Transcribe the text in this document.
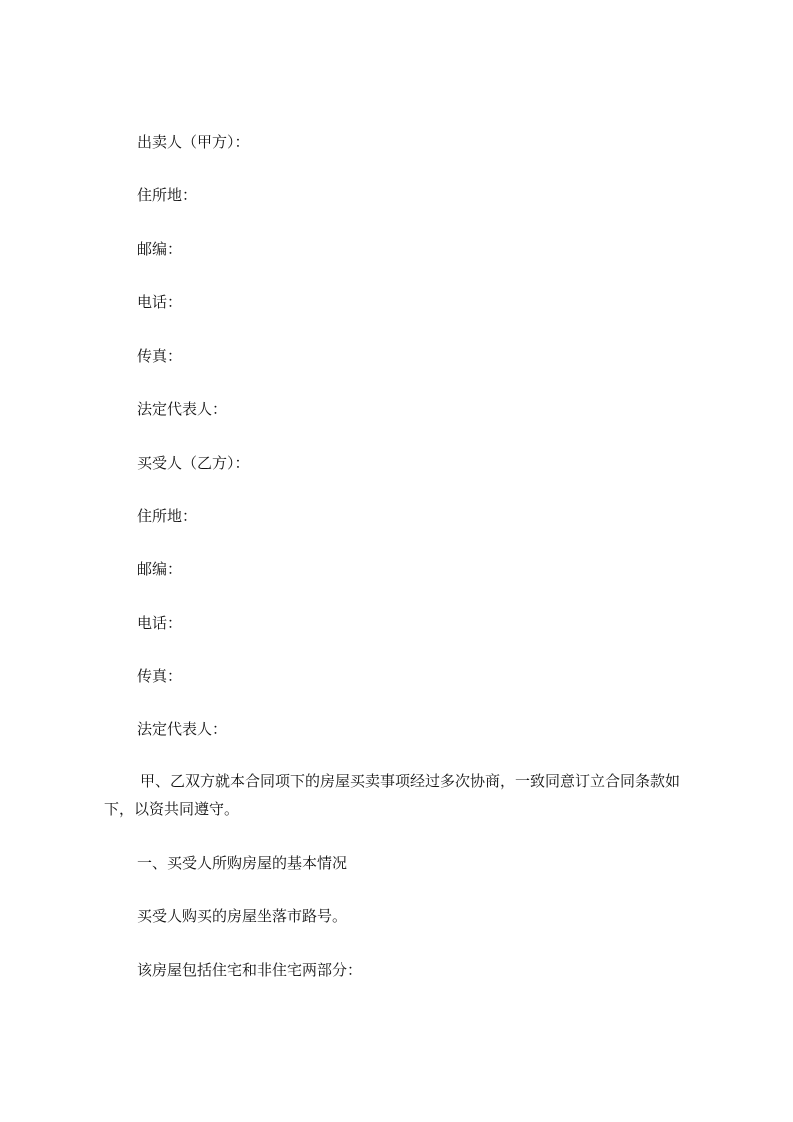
出卖人（甲方）：
住所地：
邮编：
电话：
传真：
法定代表人：
买受人（乙方）：
住所地：
邮编：
电话：
传真：
法定代表人：
甲、乙双方就本合同项下的房屋买卖事项经过多次协商，一致同意订立合同条款如下，以资共同遵守。
一、买受人所购房屋的基本情况
买受人购买的房屋坐落市路号。
该房屋包括住宅和非住宅两部分：
